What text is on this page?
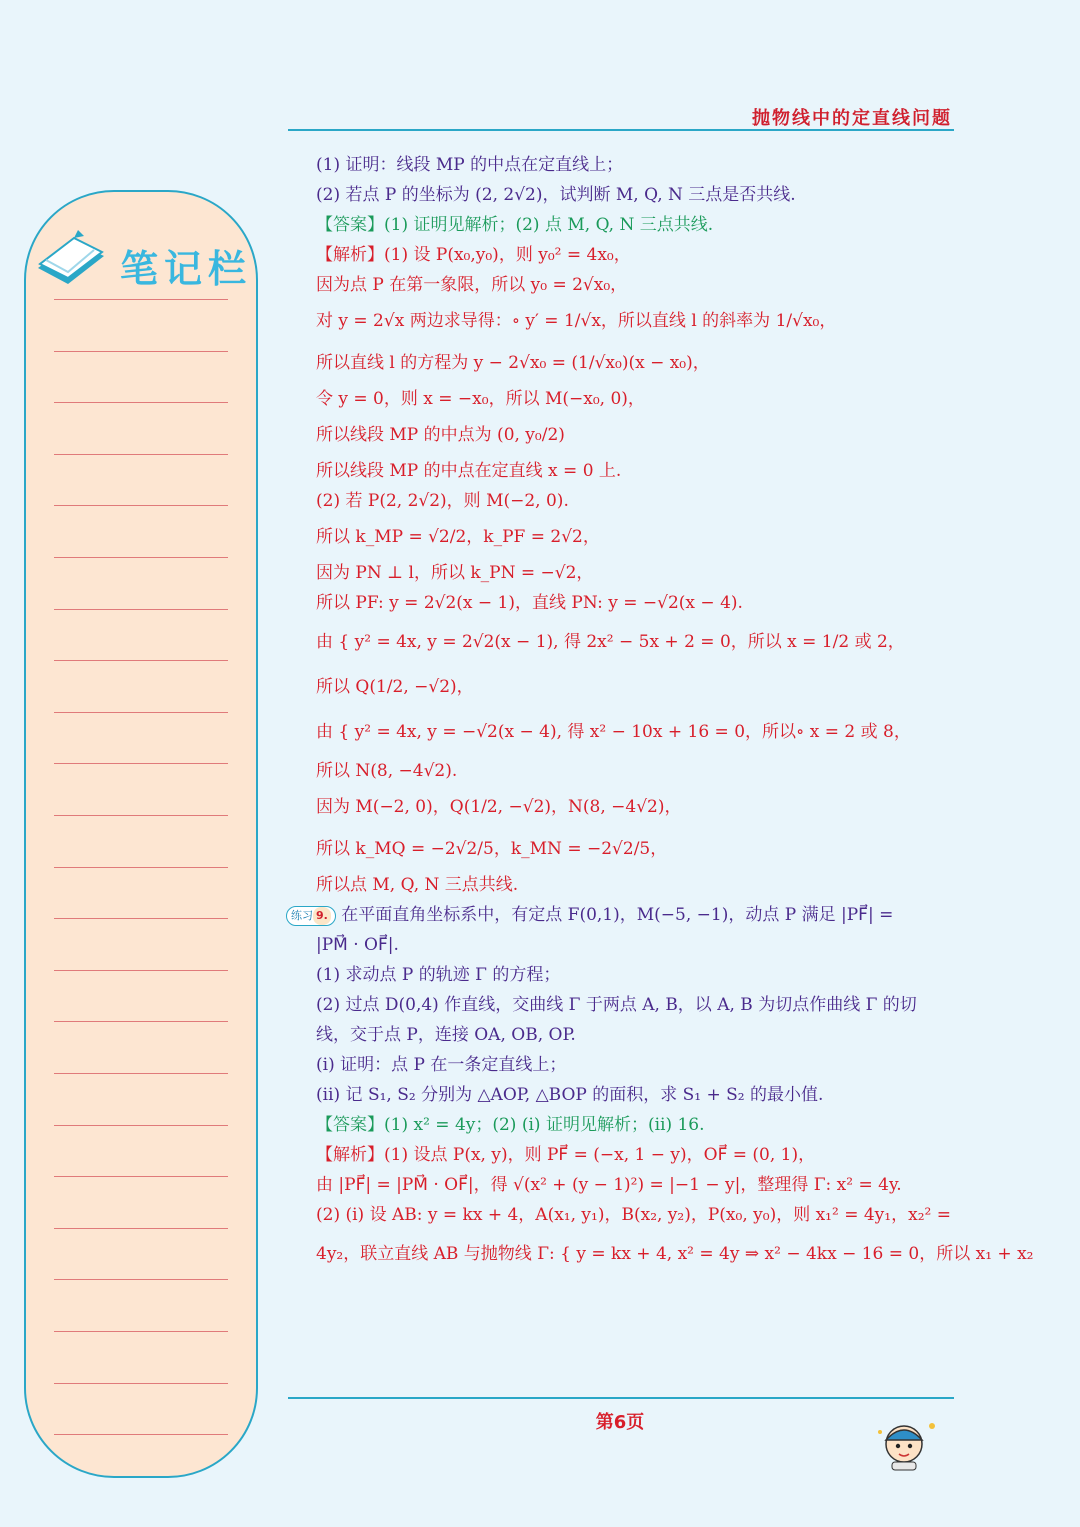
抛物线中的定直线问题
笔记栏
(1) 证明：线段 MP 的中点在定直线上；
(2) 若点 P 的坐标为 (2, 2√2)，试判断 M, Q, N 三点是否共线.
【答案】(1) 证明见解析；(2) 点 M, Q, N 三点共线.
【解析】(1) 设 P(x₀,y₀)，则 y₀² = 4x₀，
因为点 P 在第一象限，所以 y₀ = 2√x₀，
对 y = 2√x 两边求导得：∘ y′ = 1/√x，所以直线 l 的斜率为 1/√x₀，
所以直线 l 的方程为 y − 2√x₀ = (1/√x₀)(x − x₀)，
令 y = 0，则 x = −x₀，所以 M(−x₀, 0)，
所以线段 MP 的中点为 (0, y₀/2)
所以线段 MP 的中点在定直线 x = 0 上.
(2) 若 P(2, 2√2)，则 M(−2, 0).
所以 k_MP = √2/2，k_PF = 2√2，
因为 PN ⊥ l，所以 k_PN = −√2，
所以 PF: y = 2√2(x − 1)，直线 PN: y = −√2(x − 4).
由 { y² = 4x, y = 2√2(x − 1), 得 2x² − 5x + 2 = 0，所以 x = 1/2 或 2，
所以 Q(1/2, −√2)，
由 { y² = 4x, y = −√2(x − 4), 得 x² − 10x + 16 = 0，所以∘ x = 2 或 8，
所以 N(8, −4√2).
因为 M(−2, 0)，Q(1/2, −√2)，N(8, −4√2)，
所以 k_MQ = −2√2/5，k_MN = −2√2/5，
所以点 M, Q, N 三点共线.
练习 9. 在平面直角坐标系中，有定点 F(0,1)，M(−5, −1)，动点 P 满足 |PF⃗| =
|PM⃗ · OF⃗|.
(1) 求动点 P 的轨迹 Γ 的方程；
(2) 过点 D(0,4) 作直线，交曲线 Γ 于两点 A, B，以 A, B 为切点作曲线 Γ 的切
线，交于点 P，连接 OA, OB, OP.
(ⅰ) 证明：点 P 在一条定直线上；
(ⅱ) 记 S₁, S₂ 分别为 △AOP, △BOP 的面积，求 S₁ + S₂ 的最小值.
【答案】(1) x² = 4y；(2) (ⅰ) 证明见解析；(ⅱ) 16.
【解析】(1) 设点 P(x, y)，则 PF⃗ = (−x, 1 − y)，OF⃗ = (0, 1)，
由 |PF⃗| = |PM⃗ · OF⃗|，得 √(x² + (y − 1)²) = |−1 − y|，整理得 Γ: x² = 4y.
(2) (ⅰ) 设 AB: y = kx + 4，A(x₁, y₁)，B(x₂, y₂)，P(x₀, y₀)，则 x₁² = 4y₁，x₂² =
4y₂，联立直线 AB 与抛物线 Γ: { y = kx + 4, x² = 4y ⇒ x² − 4kx − 16 = 0，所以 x₁ + x₂
第6页
